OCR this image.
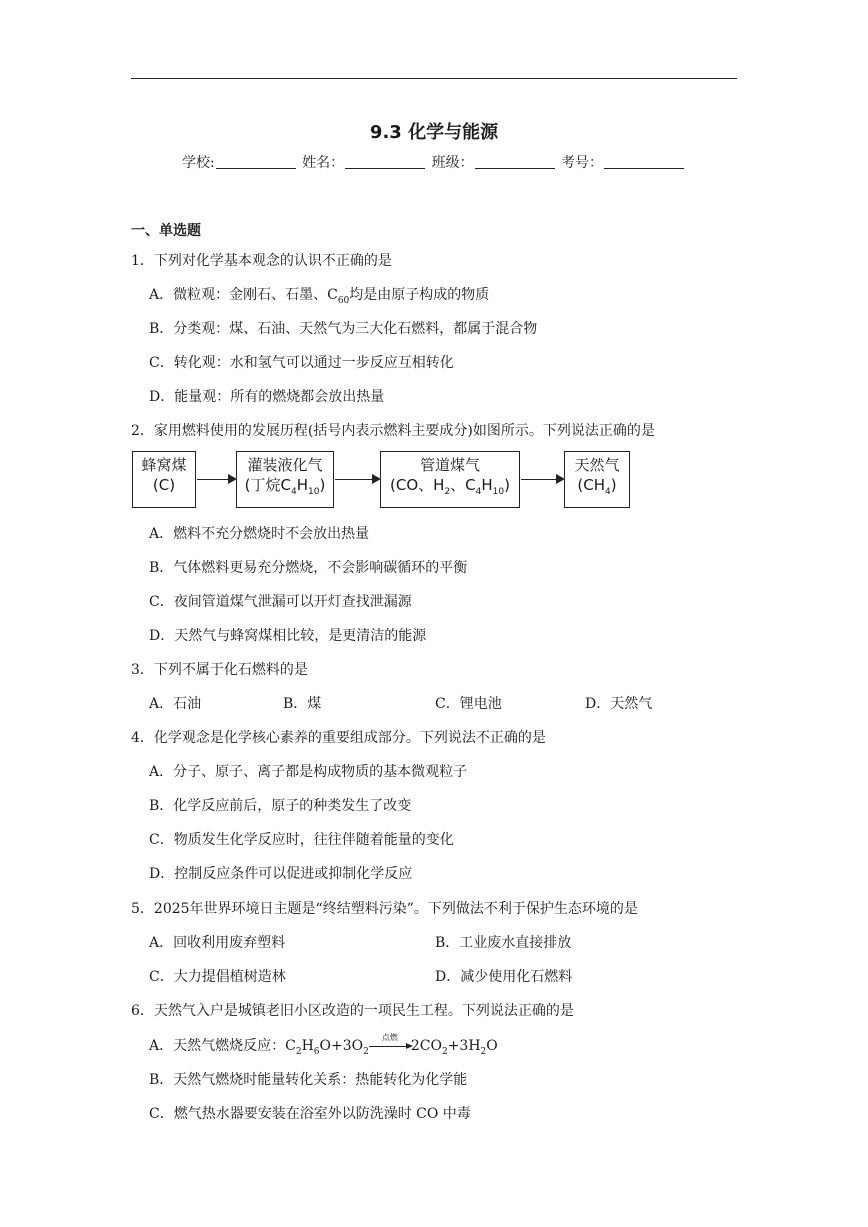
9.3 化学与能源
学校:	姓名：	班级：	考号：
一、单选题
1．下列对化学基本观念的认识不正确的是
A．微粒观：金刚石、石墨、$C_{60}$均是由原子构成的物质
B．分类观：煤、石油、天然气为三大化石燃料，都属于混合物
C．转化观：水和氢气可以通过一步反应互相转化
D．能量观：所有的燃烧都会放出热量
2．家用燃料使用的发展历程(括号内表示燃料主要成分)如图所示。下列说法正确的是
蜂窝煤
(C)
灌装液化气
(丁烷$C_4H_{10}$)
管道煤气
(CO、$H_2$、$C_4H_{10}$)
天然气
$(CH_4)$
A．燃料不充分燃烧时不会放出热量
B．气体燃料更易充分燃烧，不会影响碳循环的平衡
C．夜间管道煤气泄漏可以开灯查找泄漏源
D．天然气与蜂窝煤相比较，是更清洁的能源
3．下列不属于化石燃料的是
A．石油	B．煤	C．锂电池	D．天然气
4．化学观念是化学核心素养的重要组成部分。下列说法不正确的是
A．分子、原子、离子都是构成物质的基本微观粒子
B．化学反应前后，原子的种类发生了改变
C．物质发生化学反应时，往往伴随着能量的变化
D．控制反应条件可以促进或抑制化学反应
5．2025年世界环境日主题是“终结塑料污染”。下列做法不利于保护生态环境的是
A．回收利用废弃塑料	B．工业废水直接排放
C．大力提倡植树造林	D．减少使用化石燃料
6．天然气入户是城镇老旧小区改造的一项民生工程。下列说法正确的是
A．天然气燃烧反应：$C_2H_6O+3O_2$
点燃
$2CO_2+3H_2O$
B．天然气燃烧时能量转化关系：热能转化为化学能
C．燃气热水器要安装在浴室外以防洗澡时 CO 中毒
